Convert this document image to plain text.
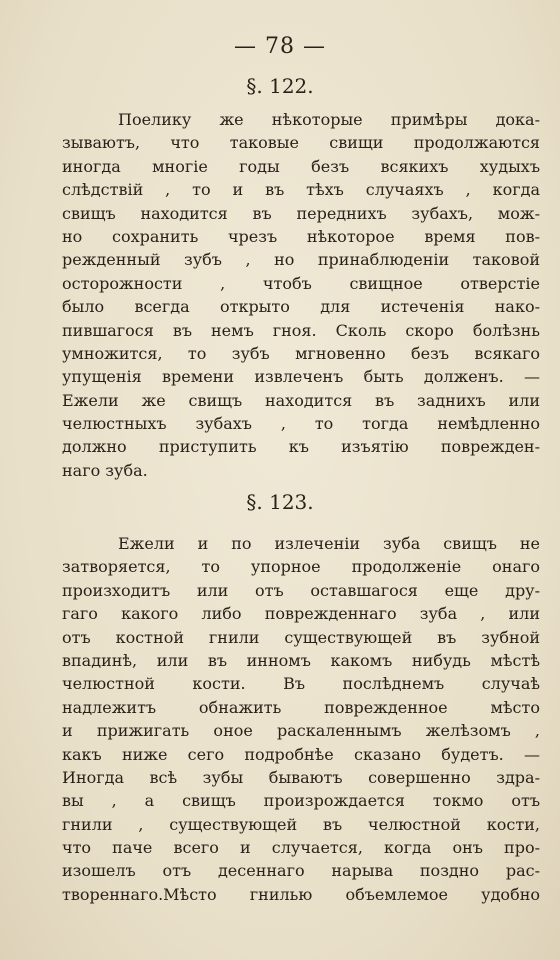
— 78 —
§. 122.
Поелику же нѣкоторые примѣры дока-
зываютъ, что таковые свищи продолжаются
иногда многіе годы безъ всякихъ худыхъ
слѣдствій , то и въ тѣхъ случаяхъ , когда
свищъ находится въ переднихъ зубахъ, мож-
но сохранить чрезъ нѣкоторое время пов-
режденный зубъ , но принаблюденіи таковой
осторожности , чтобъ свищное отверстіе
было всегда открыто для истеченія нако-
пившагося въ немъ гноя. Сколь скоро болѣзнь
умножится, то зубъ мгновенно безъ всякаго
упущенія времени извлеченъ быть долженъ. —
Ежели же свищъ находится въ заднихъ или
челюстныхъ зубахъ , то тогда немѣдленно
должно приступить къ изъятію поврежден-
наго зуба.
§. 123.
Ежели и по излеченіи зуба свищъ не
затворяется, то упорное продолженіе онаго
произходитъ или отъ оставшагося еще дру-
гаго какого либо поврежденнаго зуба , или
отъ костной гнили существующей въ зубной
впадинѣ, или въ инномъ какомъ нибудь мѣстѣ
челюстной кости. Въ послѣднемъ случаѣ
надлежитъ обнажить поврежденное мѣсто
и прижигать оное раскаленнымъ желѣзомъ ,
какъ ниже сего подробнѣе сказано будетъ. —
Иногда всѣ зубы бываютъ совершенно здра-
вы , а свищъ произрождается токмо отъ
гнили , существующей въ челюстной кости,
что паче всего и случается, когда онъ про-
изошелъ отъ десеннаго нарыва поздно рас-
твореннаго.Мѣсто гнилью объемлемое удобно
